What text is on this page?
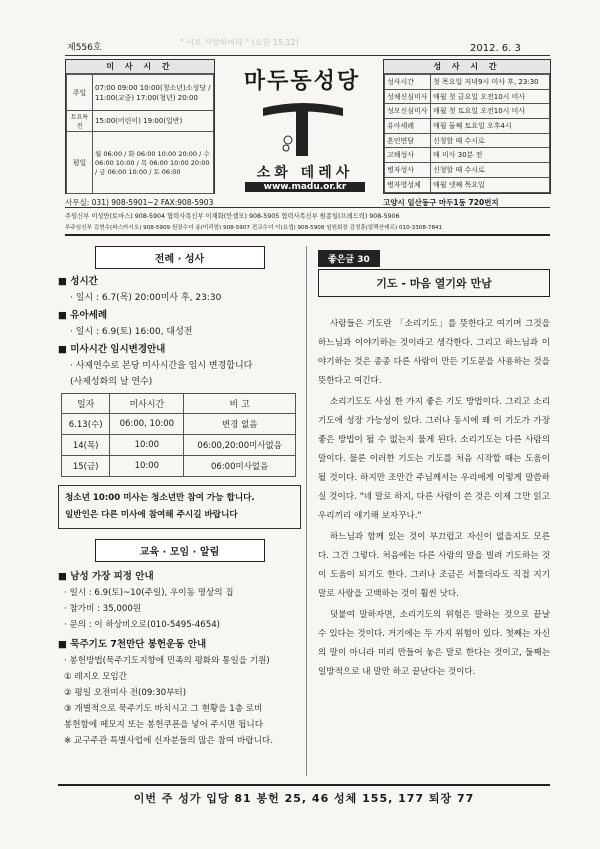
제556호
" 서로 사랑하여라 " (요한 15,12)
2012. 6. 3
미 사 시 간
주일	07:00 09:00 10:00(청소년)소성당 / 11:00(교중) 17:00(청년) 20:00
토요특전	15:00(어린이) 19:00(일반)
평일	월 06:00 / 화 06:00 10:00 20:00 / 수 06:00 10:00 / 목 06:00 10:00 20:00 / 금 06:00 10:00 / 토 06:00
마두동성당
소화 데레사
www.madu.or.kr
성 사 시 간
성사시간	첫 목요일 저녁9시 미사 후, 23:30
성체신심미사	매월 첫 금요일 오전10시 미사
성모신심미사	매월 첫 토요일 오전10시 미사
유아세례	매월 둘째 토요일 오후4시
혼인면담	신청할 때 수시로
고해성사	매 미사 30분 전
병자성사	신청할 때 수시로
병자영성체	매월 넷째 목요일
사무실: 031) 908-5901~2 FAX:908-5903	고양시 일산동구 마두1동 720번지
주임신부 이성만(토마스) 908-5904 협력사목신부 이재화(안셀모) 908-5905 협력사목신부 원종일(프레드릭) 908-5906
부주임신부 김현수(파스카시오) 908-5909 원장수녀 송(미리엄) 908-5907 전교수녀 이(요셉) 908-5908 임원회장 김정훈(알렉산데르) 010-3308-7841
전례 · 성사
■ 성시간
· 일시 : 6.7(목) 20:00미사 후, 23:30
■ 유아세례
· 일시 : 6.9(토) 16:00, 대성전
■ 미사시간 임시변경안내
· 사제연수로 본당 미사시간을 임시 변경합니다
(사제성화의 날 연수)
일자	미사시간	비 고
6.13(수)	06:00, 10:00	변경 없음
14(목)	10:00	06:00,20:00미사없음
15(금)	10:00	06:00미사없음
청소년 10:00 미사는 청소년만 참여 가능 합니다.
일반인은 다른 미사에 참여해 주시길 바랍니다
교육 · 모임 · 알림
■ 남성 가장 피정 안내
· 일시 : 6.9(토)~10(주일), 우이동 명상의 집
· 참가비 : 35,000원
· 문의 : 이 하상비오로(010-5495-4654)
■ 묵주기도 7천만단 봉헌운동 안내
· 봉헌방법(묵주기도지향에 민족의 평화와 통일을 기원)
① 레지오 모임간
② 평일 오전미사 전(09:30부터)
③ 개별적으로 묵주기도 바치시고 그 현황을 1층 로비
봉헌함에 메모지 또는 봉헌쿠폰을 넣어 주시면 됩니다
※ 교구주관 특별사업에 신자분들의 많은 참여 바랍니다.
좋은글 30
기도 - 마음 열기와 만남

사람들은 기도란 「소리기도」를 뜻한다고 여기며 그것을 하느님과 이야기하는 것이라고 생각한다. 그리고 하느님과 이야기하는 것은 종종 다른 사람이 만든 기도문을 사용하는 것을 뜻한다고 여긴다.

소리기도도 사실 한 가지 좋은 기도 방법이다. 그리고 소리기도에 성장 가능성이 있다. 그러나 동시에 왜 이 기도가 가장 좋은 방법이 될 수 없는지 물게 된다. 소리기도는 다른 사람의 말이다. 물론 이러한 기도는 기도를 처음 시작할 때는 도움이 될 것이다. 하지만 조만간 주님께서는 우리에게 이렇게 말씀하실 것이다. "네 말로 하지, 다른 사람이 쓴 것은 이제 그만 읽고 우리끼리 얘기해 보자꾸나."

하느님과 함께 있는 것이 부끄럽고 자신이 없을지도 모른다. 그건 그렇다. 처음에는 다른 사람의 말을 빌려 기도하는 것이 도움이 되기도 한다. 그러나 조금은 서툴더라도 직접 지기말로 사랑을 고백하는 것이 훨씬 낫다.

덧붙여 말하자면, 소리기도의 위험은 말하는 것으로 끝날 수 있다는 것이다. 거기에는 두 가지 위험이 있다. 첫째는 자신의 말이 아니라 미리 만들어 놓은 말로 한다는 것이고, 둘째는 일방적으로 내 말만 하고 끝난다는 것이다.

이번 주 성가 입당 81 봉헌 25, 46 성체 155, 177 퇴장 77
